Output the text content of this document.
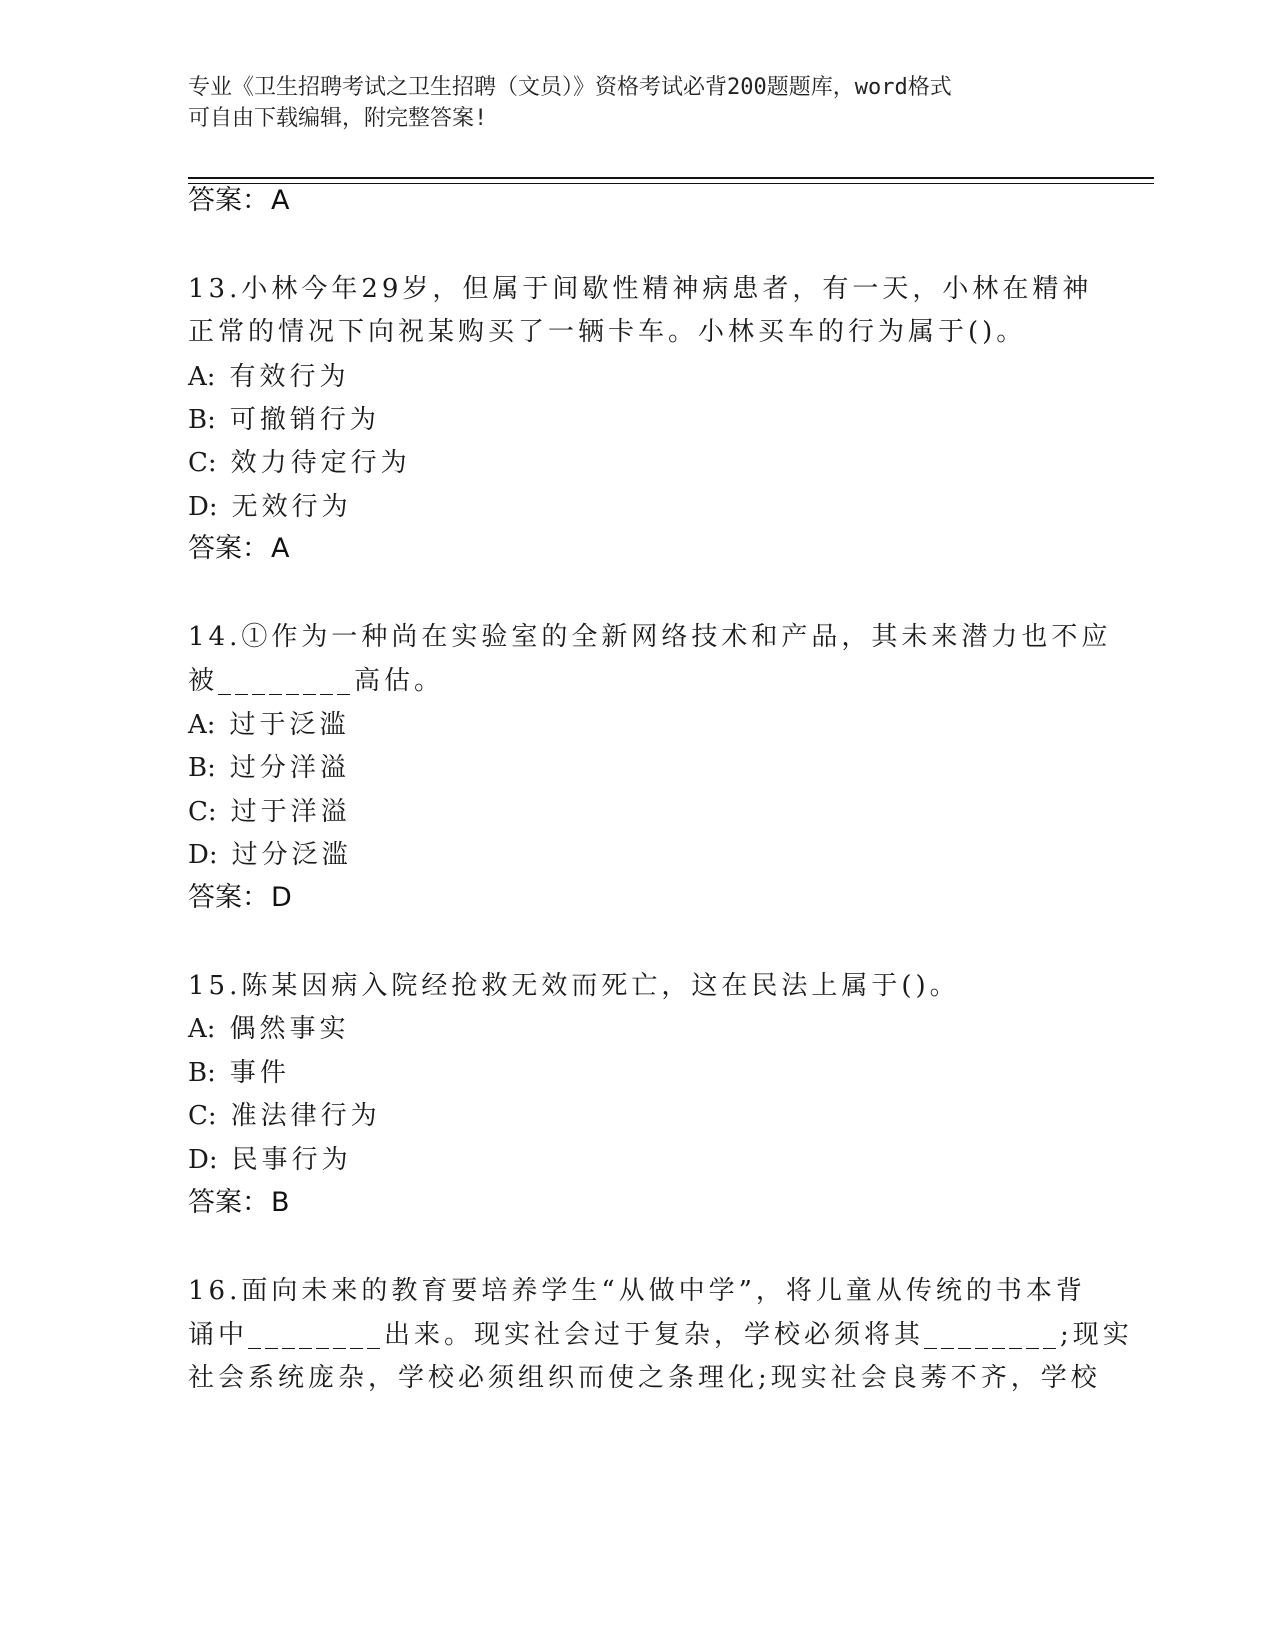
专业《卫生招聘考试之卫生招聘（文员）》资格考试必背200题题库，word格式
可自由下载编辑，附完整答案!
答案：A
13.小林今年29岁，但属于间歇性精神病患者，有一天，小林在精神
正常的情况下向祝某购买了一辆卡车。小林买车的行为属于()。
A: 有效行为
B: 可撤销行为
C: 效力待定行为
D: 无效行为
答案：A
14.①作为一种尚在实验室的全新网络技术和产品，其未来潜力也不应
被________高估。
A: 过于泛滥
B: 过分洋溢
C: 过于洋溢
D: 过分泛滥
答案：D
15.陈某因病入院经抢救无效而死亡，这在民法上属于()。
A: 偶然事实
B: 事件
C: 准法律行为
D: 民事行为
答案：B
16.面向未来的教育要培养学生“从做中学”，将儿童从传统的书本背
诵中________出来。现实社会过于复杂，学校必须将其________;现实
社会系统庞杂，学校必须组织而使之条理化;现实社会良莠不齐，学校
